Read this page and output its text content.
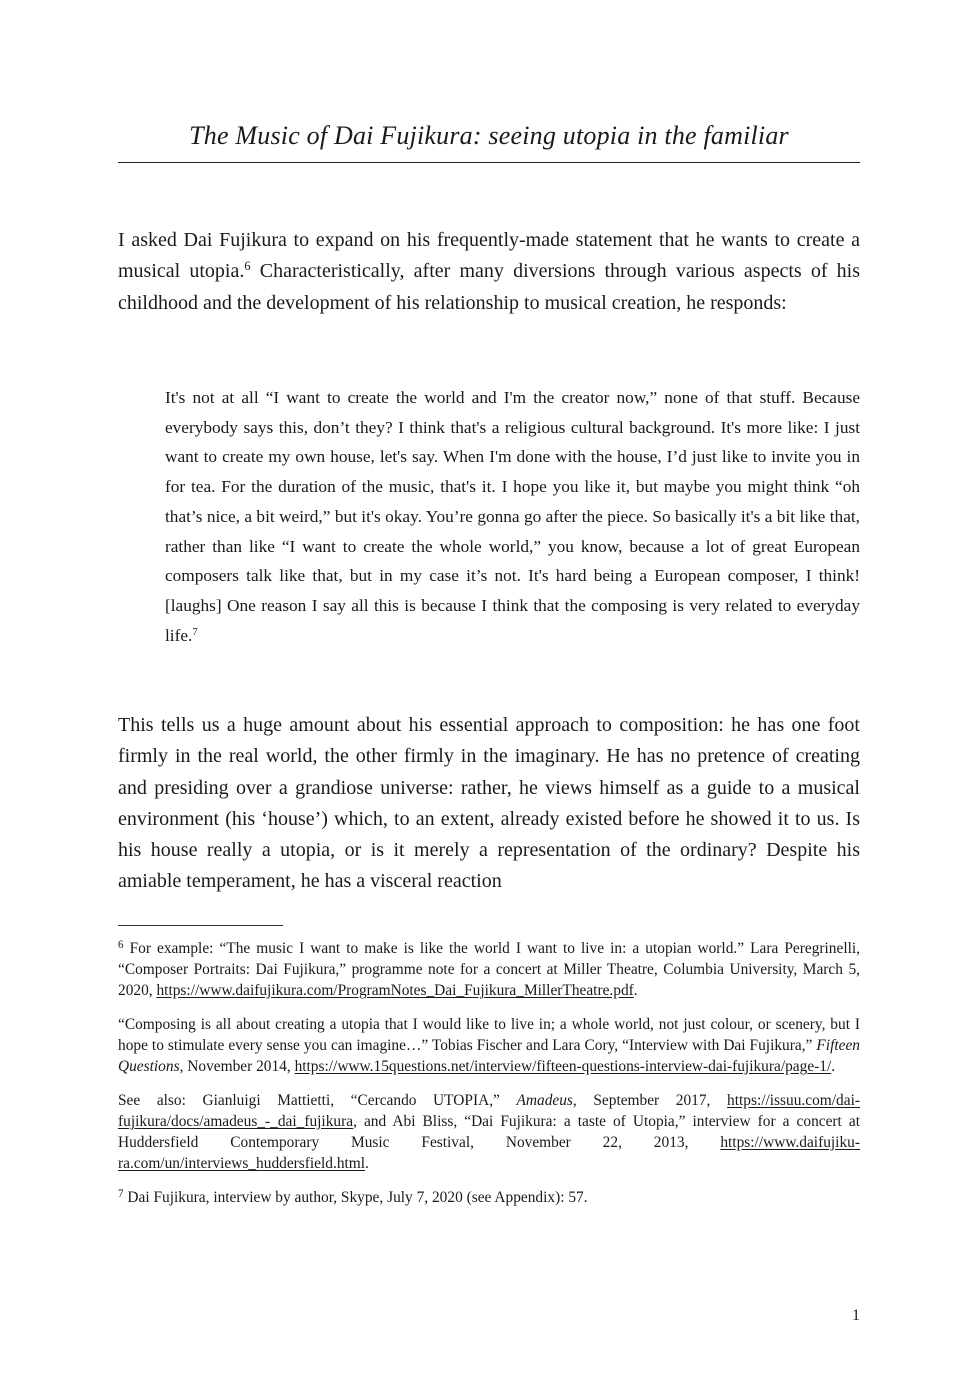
The Music of Dai Fujikura: seeing utopia in the familiar

I asked Dai Fujikura to expand on his frequently-made statement that he wants to create a musical utopia.$^6$ Characteristically, after many diversions through various aspects of his childhood and the development of his relationship to musical creation, he responds:

It's not at all “I want to create the world and I'm the creator now,” none of that stuff. Because everybody says this, don’t they? I think that's a religious cultural background. It's more like: I just want to create my own house, let's say. When I'm done with the house, I’d just like to invite you in for tea. For the duration of the music, that's it. I hope you like it, but maybe you might think “oh that’s nice, a bit weird,” but it's okay. You’re gonna go after the piece. So basically it's a bit like that, rather than like “I want to create the whole world,” you know, because a lot of great European composers talk like that, but in my case it’s not. It's hard being a European composer, I think! [laughs] One reason I say all this is because I think that the composing is very related to everyday life.$^7$

This tells us a huge amount about his essential approach to composition: he has one foot firmly in the real world, the other firmly in the imaginary. He has no pretence of creating and presiding over a grandiose universe: rather, he views himself as a guide to a musical environment (his ‘house’) which, to an extent, already existed before he showed it to us. Is his house really a utopia, or is it merely a representation of the ordinary? Despite his amiable temperament, he has a visceral reaction

$^6$ For example: “The music I want to make is like the world I want to live in: a utopian world.” Lara Peregrinelli, “Composer Portraits: Dai Fujikura,” programme note for a concert at Miller Theatre, Columbia University, March 5, 2020, https://www.daifujikura.com/ProgramNotes_Dai_Fujikura_MillerTheatre.pdf.

“Composing is all about creating a utopia that I would like to live in; a whole world, not just colour, or scenery, but I hope to stimulate every sense you can imagine…” Tobias Fischer and Lara Cory, “Interview with Dai Fujikura,” Fifteen Questions, November 2014, https://www.15questions.net/interview/fifteen-questions-interview-dai-fujikura/page-1/.

See also: Gianluigi Mattietti, “Cercando UTOPIA,” Amadeus, September 2017, https://issuu.com/daifujikura/docs/amadeus_-_dai_fujikura, and Abi Bliss, “Dai Fujikura: a taste of Utopia,” interview for a concert at Huddersfield Contemporary Music Festival, November 22, 2013, https://www.daifujikura.com/un/interviews_huddersfield.html.

$^7$ Dai Fujikura, interview by author, Skype, July 7, 2020 (see Appendix): 57.

1
